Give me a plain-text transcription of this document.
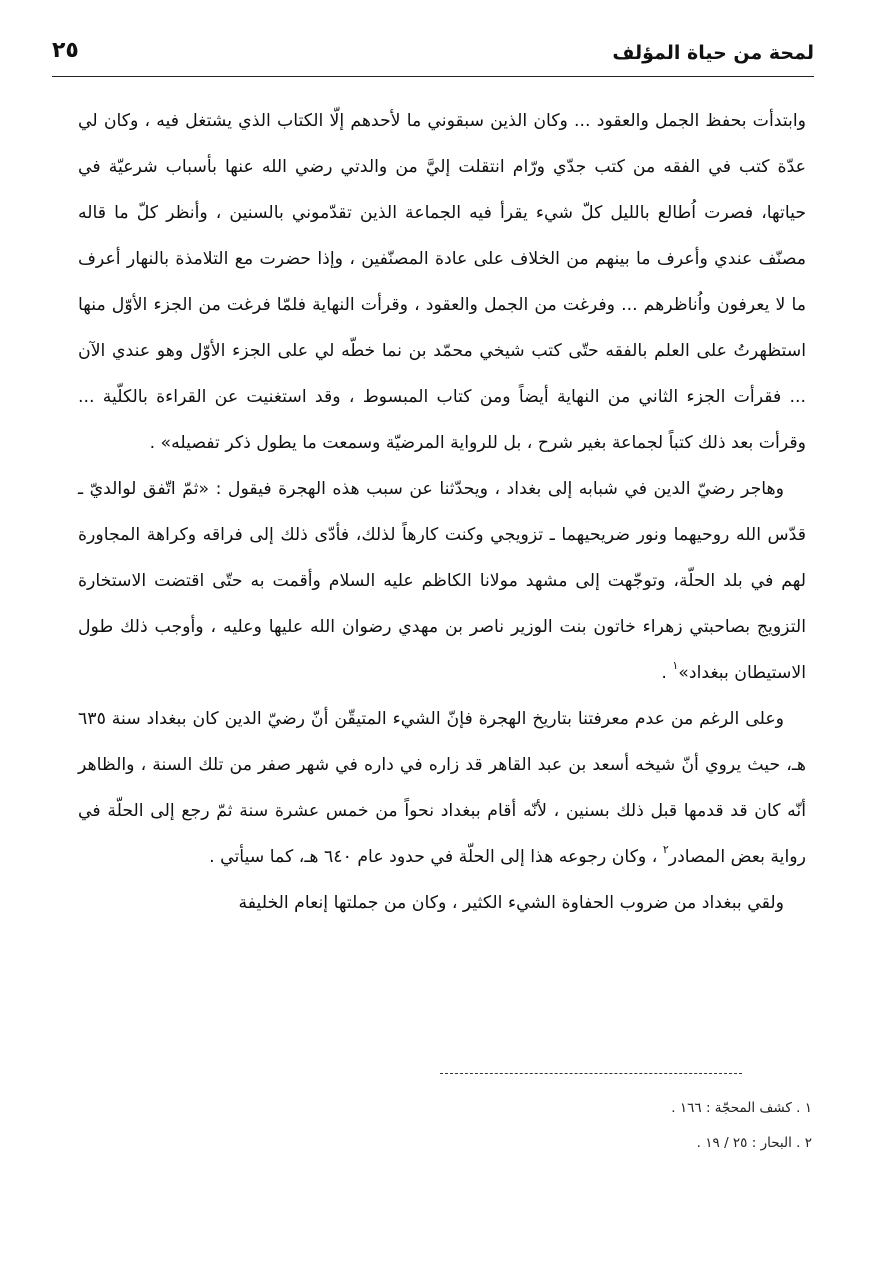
لمحة من حياة المؤلف
٢٥

وابتدأت بحفظ الجمل والعقود ... وكان الذين سبقوني ما لأحدهم إلّا الكتاب الذي يشتغل فيه ، وكان لي عدّة كتب في الفقه من كتب جدّي ورّام انتقلت إليَّ من والدتي رضي الله عنها بأسباب شرعيّة في حياتها، فصرت اُطالع بالليل كلّ شيء يقرأ فيه الجماعة الذين تقدّموني بالسنين ، وأنظر كلّ ما قاله مصنّف عندي وأعرف ما بينهم من الخلاف على عادة المصنّفين ، وإذا حضرت مع التلامذة بالنهار أعرف ما لا يعرفون واُناظرهم ... وفرغت من الجمل والعقود ، وقرأت النهاية فلمّا فرغت من الجزء الأوّل منها استظهرتُ على العلم بالفقه حتّى كتب شيخي محمّد بن نما خطّه لي على الجزء الأوّل وهو عندي الآن ... فقرأت الجزء الثاني من النهاية أيضاً ومن كتاب المبسوط ، وقد استغنيت عن القراءة بالكلّية ... وقرأت بعد ذلك كتباً لجماعة بغير شرح ، بل للرواية المرضيّة وسمعت ما يطول ذكر تفصيله» .

وهاجر رضيّ الدين في شبابه إلى بغداد ، ويحدّثنا عن سبب هذه الهجرة فيقول : «ثمّ اتّفق لوالديّ ـ قدّس الله روحيهما ونور ضريحيهما ـ تزويجي وكنت كارهاً لذلك، فأدّى ذلك إلى فراقه وكراهة المجاورة لهم في بلد الحلّة، وتوجّهت إلى مشهد مولانا الكاظم عليه السلام وأقمت به حتّى اقتضت الاستخارة التزويج بصاحبتي زهراء خاتون بنت الوزير ناصر بن مهدي رضوان الله عليها وعليه ، وأوجب ذلك طول الاستيطان ببغداد»$^١$ .

وعلى الرغم من عدم معرفتنا بتاريخ الهجرة فإنّ الشيء المتيقّن أنّ رضيّ الدين كان ببغداد سنة ٦٣٥ هـ، حيث يروي أنّ شيخه أسعد بن عبد القاهر قد زاره في داره في شهر صفر من تلك السنة ، والظاهر أنّه كان قد قدمها قبل ذلك بسنين ، لأنّه أقام ببغداد نحواً من خمس عشرة سنة ثمّ رجع إلى الحلّة في رواية بعض المصادر$^٢$ ، وكان رجوعه هذا إلى الحلّة في حدود عام ٦٤٠ هـ، كما سيأتي .

ولقي ببغداد من ضروب الحفاوة الشيء الكثير ، وكان من جملتها إنعام الخليفة

١ . كشف المحجّة : ١٦٦ .
٢ . البحار : ٢٥ / ١٩ .
